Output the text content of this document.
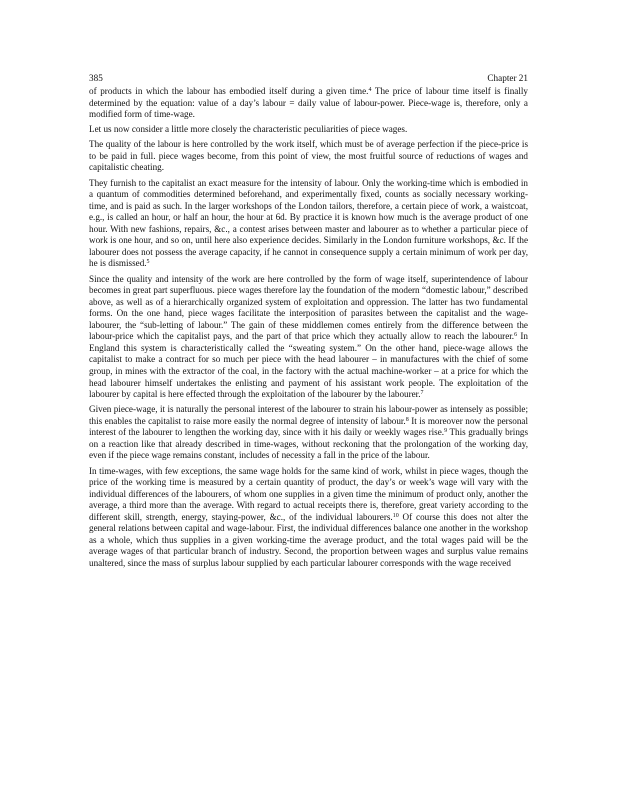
385	Chapter 21

of products in which the labour has embodied itself during a given time.$^4$ The price of labour time itself is finally determined by the equation: value of a day’s labour = daily value of labour-power. Piece-wage is, therefore, only a modified form of time-wage.

Let us now consider a little more closely the characteristic peculiarities of piece wages.

The quality of the labour is here controlled by the work itself, which must be of average perfection if the piece-price is to be paid in full. piece wages become, from this point of view, the most fruitful source of reductions of wages and capitalistic cheating.

They furnish to the capitalist an exact measure for the intensity of labour. Only the working-time which is embodied in a quantum of commodities determined beforehand, and experimentally fixed, counts as socially necessary working-time, and is paid as such. In the larger workshops of the London tailors, therefore, a certain piece of work, a waistcoat, e.g., is called an hour, or half an hour, the hour at 6d. By practice it is known how much is the average product of one hour. With new fashions, repairs, &c., a contest arises between master and labourer as to whether a particular piece of work is one hour, and so on, until here also experience decides. Similarly in the London furniture workshops, &c. If the labourer does not possess the average capacity, if he cannot in consequence supply a certain minimum of work per day, he is dismissed.$^5$

Since the quality and intensity of the work are here controlled by the form of wage itself, superintendence of labour becomes in great part superfluous. piece wages therefore lay the foundation of the modern “domestic labour,” described above, as well as of a hierarchically organized system of exploitation and oppression. The latter has two fundamental forms. On the one hand, piece wages facilitate the interposition of parasites between the capitalist and the wage-labourer, the “sub-letting of labour.” The gain of these middlemen comes entirely from the difference between the labour-price which the capitalist pays, and the part of that price which they actually allow to reach the labourer.$^6$ In England this system is characteristically called the “sweating system.” On the other hand, piece-wage allows the capitalist to make a contract for so much per piece with the head labourer – in manufactures with the chief of some group, in mines with the extractor of the coal, in the factory with the actual machine-worker – at a price for which the head labourer himself undertakes the enlisting and payment of his assistant work people. The exploitation of the labourer by capital is here effected through the exploitation of the labourer by the labourer.$^7$

Given piece-wage, it is naturally the personal interest of the labourer to strain his labour-power as intensely as possible; this enables the capitalist to raise more easily the normal degree of intensity of labour.$^8$ It is moreover now the personal interest of the labourer to lengthen the working day, since with it his daily or weekly wages rise.$^9$ This gradually brings on a reaction like that already described in time-wages, without reckoning that the prolongation of the working day, even if the piece wage remains constant, includes of necessity a fall in the price of the labour.

In time-wages, with few exceptions, the same wage holds for the same kind of work, whilst in piece wages, though the price of the working time is measured by a certain quantity of product, the day’s or week’s wage will vary with the individual differences of the labourers, of whom one supplies in a given time the minimum of product only, another the average, a third more than the average. With regard to actual receipts there is, therefore, great variety according to the different skill, strength, energy, staying-power, &c., of the individual labourers.$^{10}$ Of course this does not alter the general relations between capital and wage-labour. First, the individual differences balance one another in the workshop as a whole, which thus supplies in a given working-time the average product, and the total wages paid will be the average wages of that particular branch of industry. Second, the proportion between wages and surplus value remains unaltered, since the mass of surplus labour supplied by each particular labourer corresponds with the wage received
